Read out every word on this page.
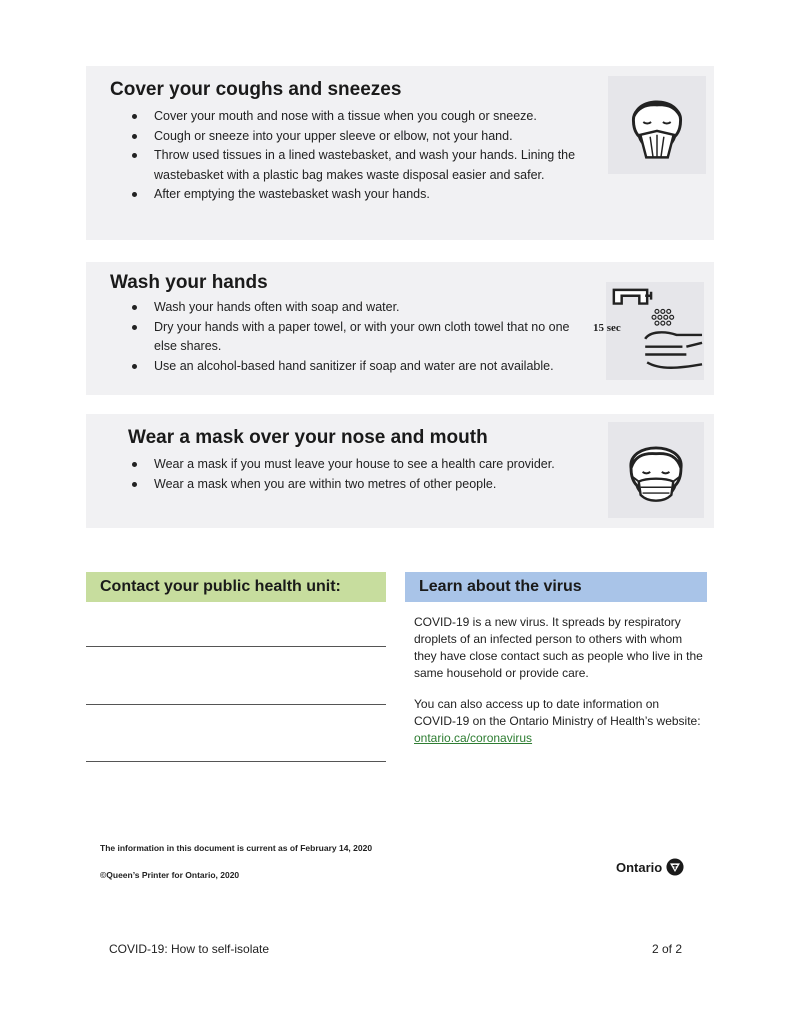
Cover your coughs and sneezes
Cover your mouth and nose with a tissue when you cough or sneeze.
Cough or sneeze into your upper sleeve or elbow, not your hand.
Throw used tissues in a lined wastebasket, and wash your hands. Lining the wastebasket with a plastic bag makes waste disposal easier and safer.
After emptying the wastebasket wash your hands.
Wash your hands
Wash your hands often with soap and water.
Dry your hands with a paper towel, or with your own cloth towel that no one else shares.
Use an alcohol-based hand sanitizer if soap and water are not available.
15 sec
Wear a mask over your nose and mouth
Wear a mask if you must leave your house to see a health care provider.
Wear a mask when you are within two metres of other people.
Contact your public health unit:	Learn about the virus

COVID-19 is a new virus. It spreads by respiratory droplets of an infected person to others with whom they have close contact such as people who live in the same household or provide care.

You can also access up to date information on COVID-19 on the Ontario Ministry of Health’s website: ontario.ca/coronavirus

The information in this document is current as of February 14, 2020
©Queen’s Printer for Ontario, 2020
Ontario
COVID-19: How to self-isolate	2 of 2
